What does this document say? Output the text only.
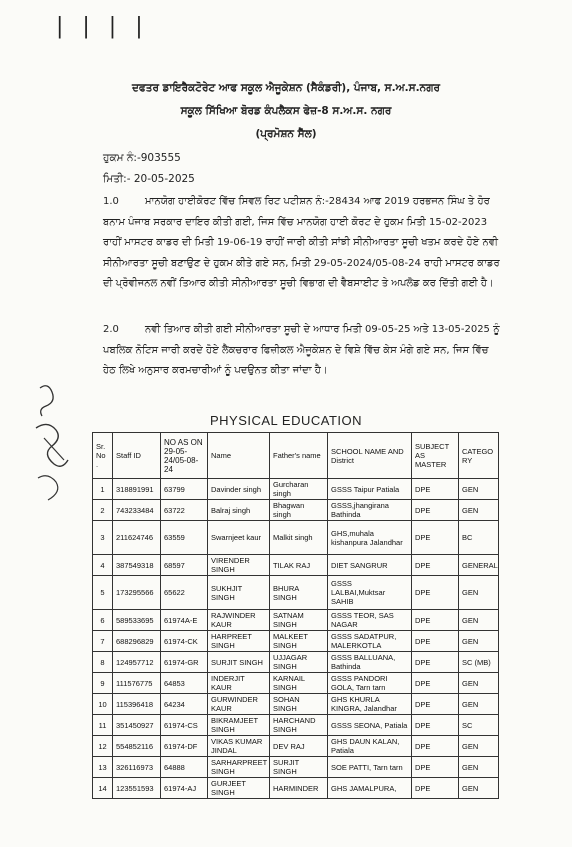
| | | |
ਦਫਤਰ ਡਾਇਰੈਕਟੋਰੇਟ ਆਫ ਸਕੂਲ ਐਜੂਕੇਸ਼ਨ (ਸੈਕੰਡਰੀ), ਪੰਜਾਬ, ਸ.ਅ.ਸ.ਨਗਰ
ਸਕੂਲ ਸਿੱਖਿਆ ਬੋਰਡ ਕੰਪਲੈਕਸ ਫੇਜ਼-8 ਸ.ਅ.ਸ. ਨਗਰ
(ਪ੍ਰਮੋਸ਼ਨ ਸੈੱਲ)
ਹੁਕਮ ਨੰ:-903555
ਮਿਤੀ:- 20-05-2025
1.0	ਮਾਨਯੋਗ ਹਾਈਕੋਰਟ ਵਿੱਚ ਸਿਵਲ ਰਿਟ ਪਟੀਸ਼ਨ ਨੰ:-28434 ਆਫ 2019 ਹਰਭਜਨ ਸਿੰਘ ਤੇ ਹੋਰ ਬਨਾਮ ਪੰਜਾਬ ਸਰਕਾਰ ਦਾਇਰ ਕੀਤੀ ਗਈ, ਜਿਸ ਵਿੱਚ ਮਾਨਯੋਗ ਹਾਈ ਕੋਰਟ ਦੇ ਹੁਕਮ ਮਿਤੀ 15-02-2023 ਰਾਹੀਂ ਮਾਸਟਰ ਕਾਡਰ ਦੀ ਮਿਤੀ 19-06-19 ਰਾਹੀਂ ਜਾਰੀ ਕੀਤੀ ਸਾਂਝੀ ਸੀਨੀਆਰਤਾ ਸੂਚੀ ਖਤਮ ਕਰਦੇ ਹੋਏ ਨਵੀ ਸੀਨੀਆਰਤਾ ਸੂਚੀ ਬਣਾਉਣ ਦੇ ਹੁਕਮ ਕੀਤੇ ਗਏ ਸਨ, ਮਿਤੀ 29-05-2024/05-08-24 ਰਾਹੀ ਮਾਸਟਰ ਕਾਡਰ ਦੀ ਪ੍ਰੋਵੀਜਨਲ ਨਵੀਂ ਤਿਆਰ ਕੀਤੀ ਸੀਨੀਆਰਤਾ ਸੂਚੀ ਵਿਭਾਗ ਦੀ ਵੈਬਸਾਈਟ ਤੇ ਅਪਲੋਡ ਕਰ ਦਿੱਤੀ ਗਈ ਹੈ।
2.0	ਨਵੀ ਤਿਆਰ ਕੀਤੀ ਗਈ ਸੀਨੀਆਰਤਾ ਸੂਚੀ ਦੇ ਆਧਾਰ ਮਿਤੀ 09-05-25 ਅਤੇ 13-05-2025 ਨੂੰ ਪਬਲਿਕ ਨੋਟਿਸ ਜਾਰੀ ਕਰਦੇ ਹੋਏ ਲੈਕਚਰਾਰ ਫਿਜ਼ੀਕਲ ਐਜੂਕੇਸ਼ਨ ਦੇ ਵਿਸ਼ੇ ਵਿੱਚ ਕੇਸ ਮੰਗੇ ਗਏ ਸਨ, ਜਿਸ ਵਿੱਚ ਹੇਠ ਲਿਖੇ ਅਨੁਸਾਰ ਕਰਮਚਾਰੀਆਂ ਨੂੰ ਪਦਉਨਤ ਕੀਤਾ ਜਾਂਦਾ ਹੈ।
PHYSICAL EDUCATION
Sr. No .	Staff ID	NO AS ON 29-05-24/05-08-24	Name	Father's name	SCHOOL NAME AND District	SUBJECT AS MASTER	CATEGO RY
1	318891991	63799	Davinder singh	Gurcharan singh	GSSS Taipur Patiala	DPE	GEN
2	743233484	63722	Balraj singh	Bhagwan singh	GSSS,jhangirana Bathinda	DPE	GEN
3	211624746	63559	Swarnjeet kaur	Malkit singh	GHS,muhala kishanpura Jalandhar	DPE	BC
4	387549318	68597	VIRENDER SINGH	TILAK RAJ	DIET SANGRUR	DPE	GENERAL
5	173295566	65622	SUKHJIT SINGH	BHURA SINGH	GSSS LALBAI,Muktsar SAHIB	DPE	GEN
6	589533695	61974A-E	RAJWINDER KAUR	SATNAM SINGH	GSSS TEOR, SAS NAGAR	DPE	GEN
7	688296829	61974-CK	HARPREET SINGH	MALKEET SINGH	GSSS SADATPUR, MALERKOTLA	DPE	GEN
8	124957712	61974-GR	SURJIT SINGH	UJJAGAR SINGH	GSSS BALLUANA, Bathinda	DPE	SC (MB)
9	111576775	64853	INDERJIT KAUR	KARNAIL SINGH	GSSS PANDORI GOLA, Tarn tarn	DPE	GEN
10	115396418	64234	GURWINDER KAUR	SOHAN SINGH	GHS KHURLA KINGRA, Jalandhar	DPE	GEN
11	351450927	61974-CS	BIKRAMJEET SINGH	HARCHAND SINGH	GSSS SEONA, Patiala	DPE	SC
12	554852116	61974-DF	VIKAS KUMAR JINDAL	DEV RAJ	GHS DAUN KALAN, Patiala	DPE	GEN
13	326116973	64888	SARHARPREET SINGH	SURJIT SINGH	SOE PATTI, Tarn tarn	DPE	GEN
14	123551593	61974-AJ	GURJEET SINGH	HARMINDER	GHS JAMALPURA,	DPE	GEN
